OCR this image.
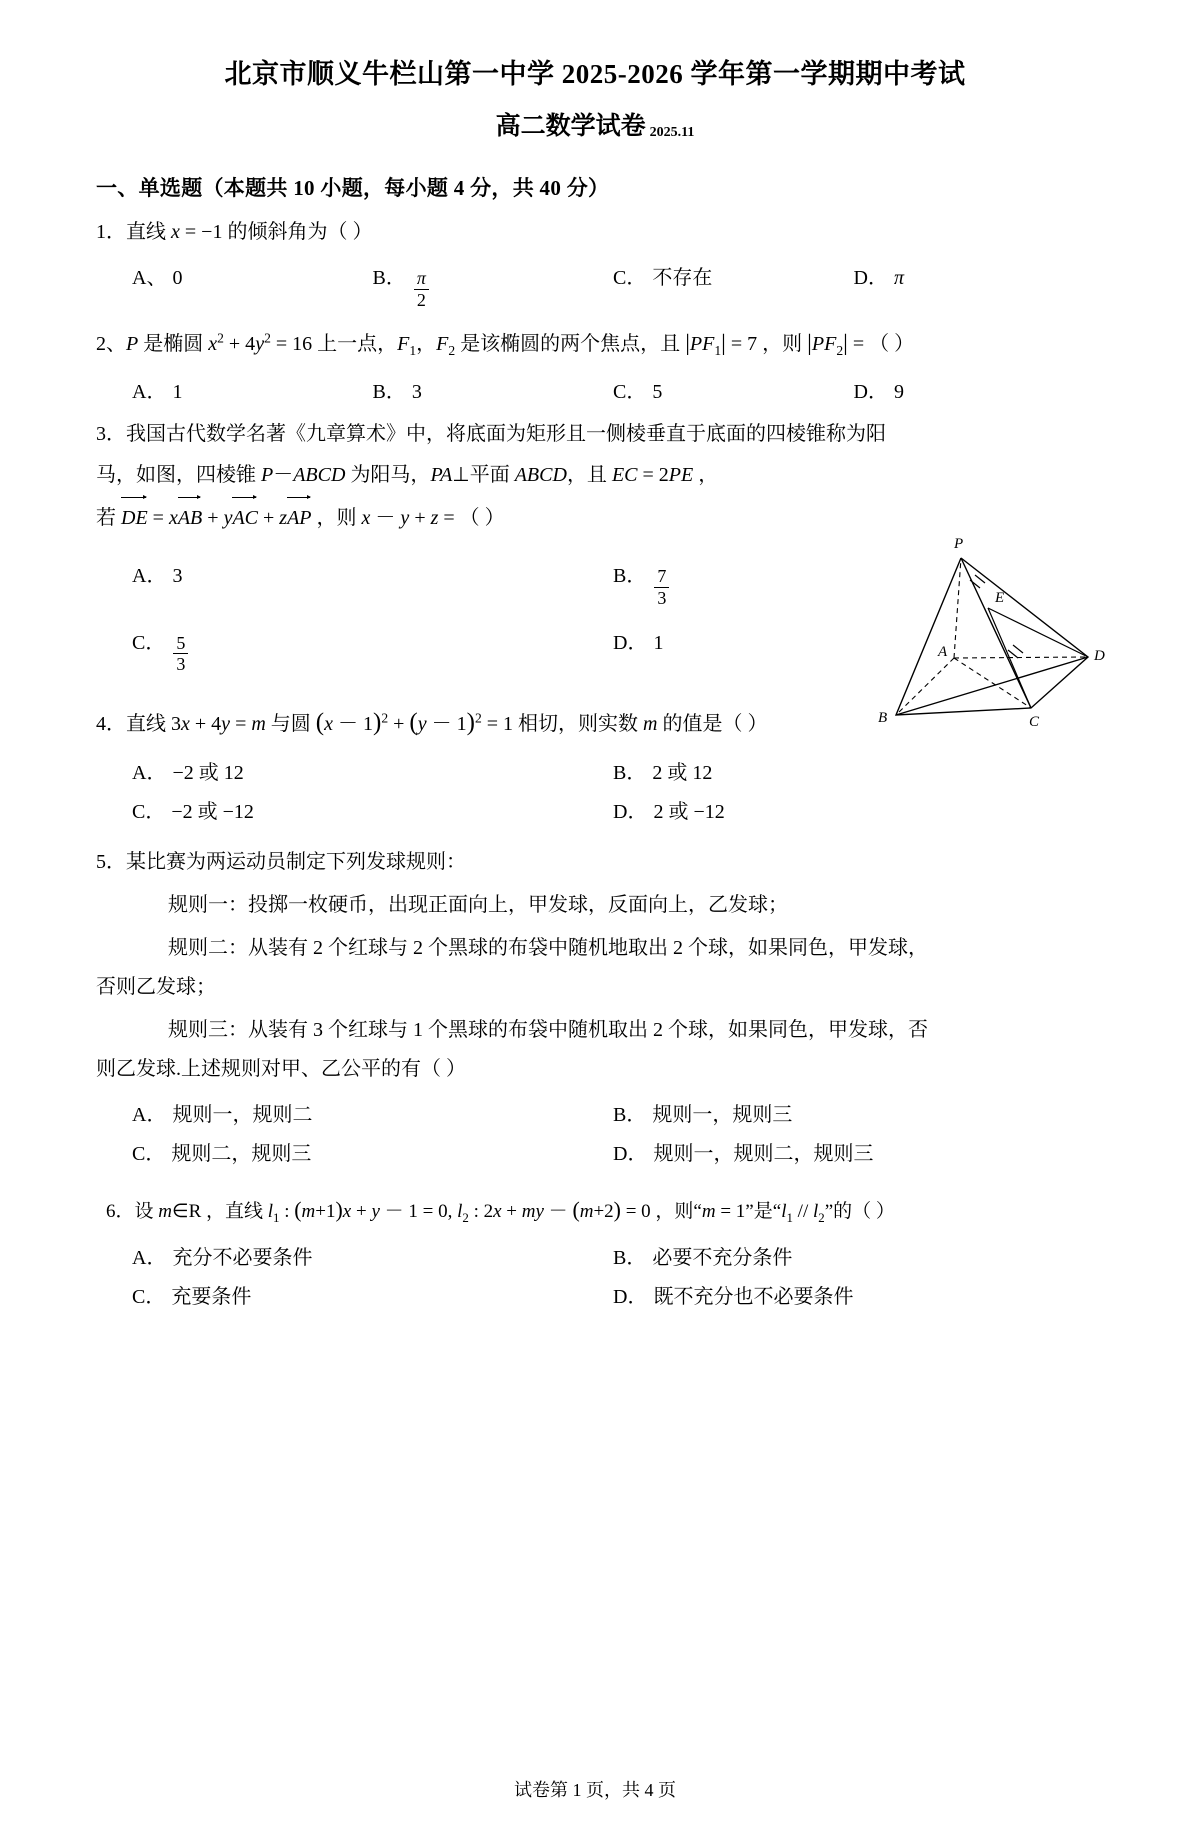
北京市顺义牛栏山第一中学 2025-2026 学年第一学期期中考试
高二数学试卷 2025.11
一、单选题（本题共 10 小题，每小题 4 分，共 40 分）
1．直线 x = −1 的倾斜角为（ ）
A、 0	B． $\frac{\pi}{2}$	C． 不存在	D． π
2、P 是椭圆 $x^2 + 4y^2 = 16$ 上一点，$F_1$，$F_2$ 是该椭圆的两个焦点，且 $|PF_1| = 7$ ，则 $|PF_2|$ = （ ）
A． 1	B． 3	C． 5	D． 9
3．我国古代数学名著《九章算术》中，将底面为矩形且一侧棱垂直于底面的四棱锥称为阳
马，如图，四棱锥 P－ABCD 为阳马，PA⊥平面 ABCD，且 EC = 2PE ，
若 DE = xAB + yAC + zAP ，则 x － y + z = （ ）
A． 3	B． $\frac{7}{3}$
C． $\frac{5}{3}$	D． 1
P
E
A	D
B	C
4．直线 3x + 4y = m 与圆 $(x - 1)^2 + (y - 1)^2 = 1$ 相切，则实数 m 的值是（ ）
A． −2 或 12	B． 2 或 12
C． −2 或 −12	D． 2 或 −12
5．某比赛为两运动员制定下列发球规则：
规则一：投掷一枚硬币，出现正面向上，甲发球，反面向上，乙发球；
规则二：从装有 2 个红球与 2 个黑球的布袋中随机地取出 2 个球，如果同色，甲发球，
否则乙发球；
规则三：从装有 3 个红球与 1 个黑球的布袋中随机取出 2 个球，如果同色，甲发球，否
则乙发球.上述规则对甲、乙公平的有（ ）
A． 规则一，规则二	B． 规则一，规则三
C． 规则二，规则三	D． 规则一，规则二，规则三
6．设 m∈R ，直线 $l_1$ : (m+1)x + y － 1 = 0, $l_2$ : 2x + my － (m+2) = 0 ，则“m = 1”是“$l_1 // l_2$”的（ ）
A． 充分不必要条件	B． 必要不充分条件
C． 充要条件	D． 既不充分也不必要条件
试卷第 1 页，共 4 页
